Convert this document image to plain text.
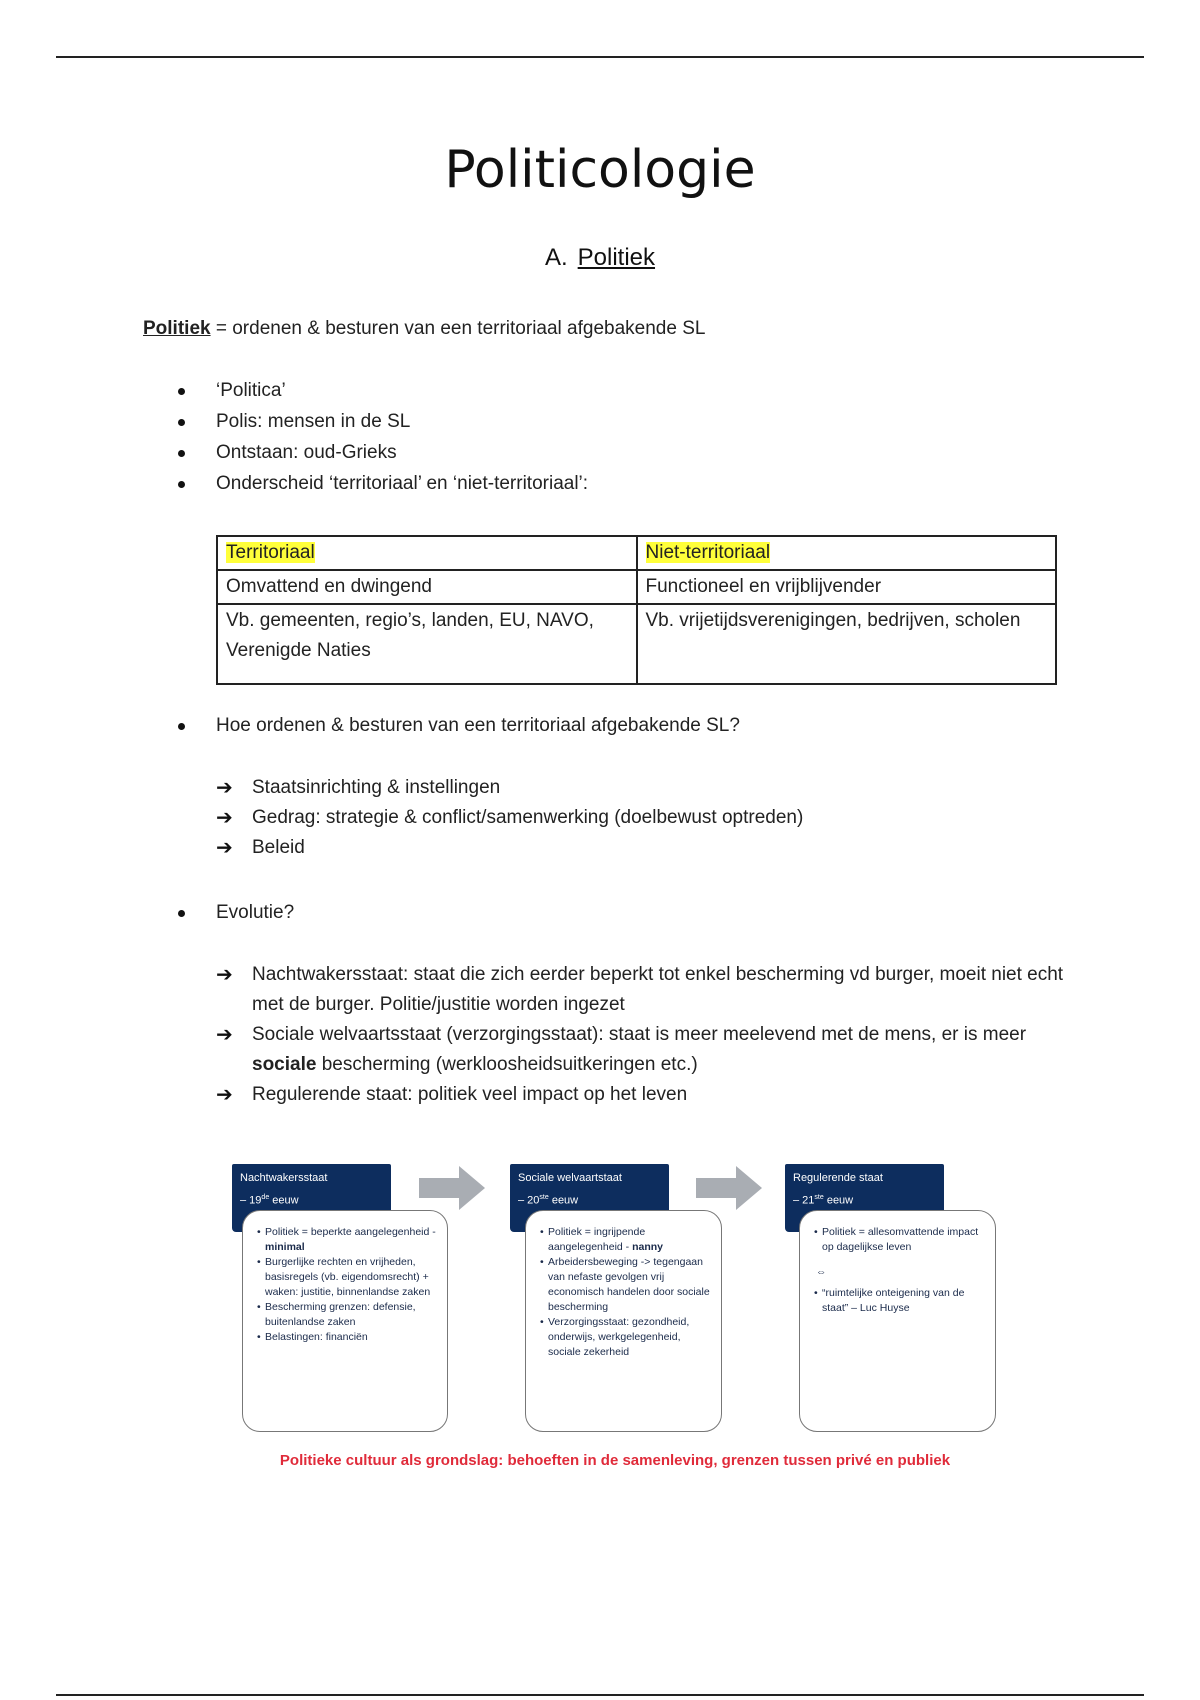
Politicologie
A. Politiek
Politiek = ordenen & besturen van een territoriaal afgebakende SL
‘Politica’
Polis: mensen in de SL
Ontstaan: oud-Grieks
Onderscheid ‘territoriaal’ en ‘niet-territoriaal’:
Territoriaal	Niet-territoriaal
Omvattend en dwingend	Functioneel en vrijblijvender
Vb. gemeenten, regio’s, landen, EU, NAVO, Verenigde Naties	Vb. vrijetijdsverenigingen, bedrijven, scholen
Hoe ordenen & besturen van een territoriaal afgebakende SL?
➔ Staatsinrichting & instellingen
➔ Gedrag: strategie & conflict/samenwerking (doelbewust optreden)
➔ Beleid
Evolutie?
➔ Nachtwakersstaat: staat die zich eerder beperkt tot enkel bescherming vd burger, moeit niet echt met de burger. Politie/justitie worden ingezet
➔ Sociale welvaartsstaat (verzorgingsstaat): staat is meer meelevend met de mens, er is meer sociale bescherming (werkloosheidsuitkeringen etc.)
➔ Regulerende staat: politiek veel impact op het leven
• Politiek = beperkte aangelegenheid - minimal
• Burgerlijke rechten en vrijheden, basisregels (vb. eigendomsrecht) + waken: justitie, binnenlandse zaken
• Bescherming grenzen: defensie, buitenlandse zaken
• Belastingen: financiën
Nachtwakersstaat
– 19de eeuw
• Politiek = ingrijpende aangelegenheid - nanny
• Arbeidersbeweging -> tegengaan van nefaste gevolgen vrij economisch handelen door sociale bescherming
• Verzorgingsstaat: gezondheid, onderwijs, werkgelegenheid, sociale zekerheid
Sociale welvaartstaat
– 20ste eeuw
• Politiek = allesomvattende impact op dagelijkse leven
⇔
• “ruimtelijke onteigening van de staat” – Luc Huyse
Regulerende staat
– 21ste eeuw
Politieke cultuur als grondslag: behoeften in de samenleving, grenzen tussen privé en publiek
